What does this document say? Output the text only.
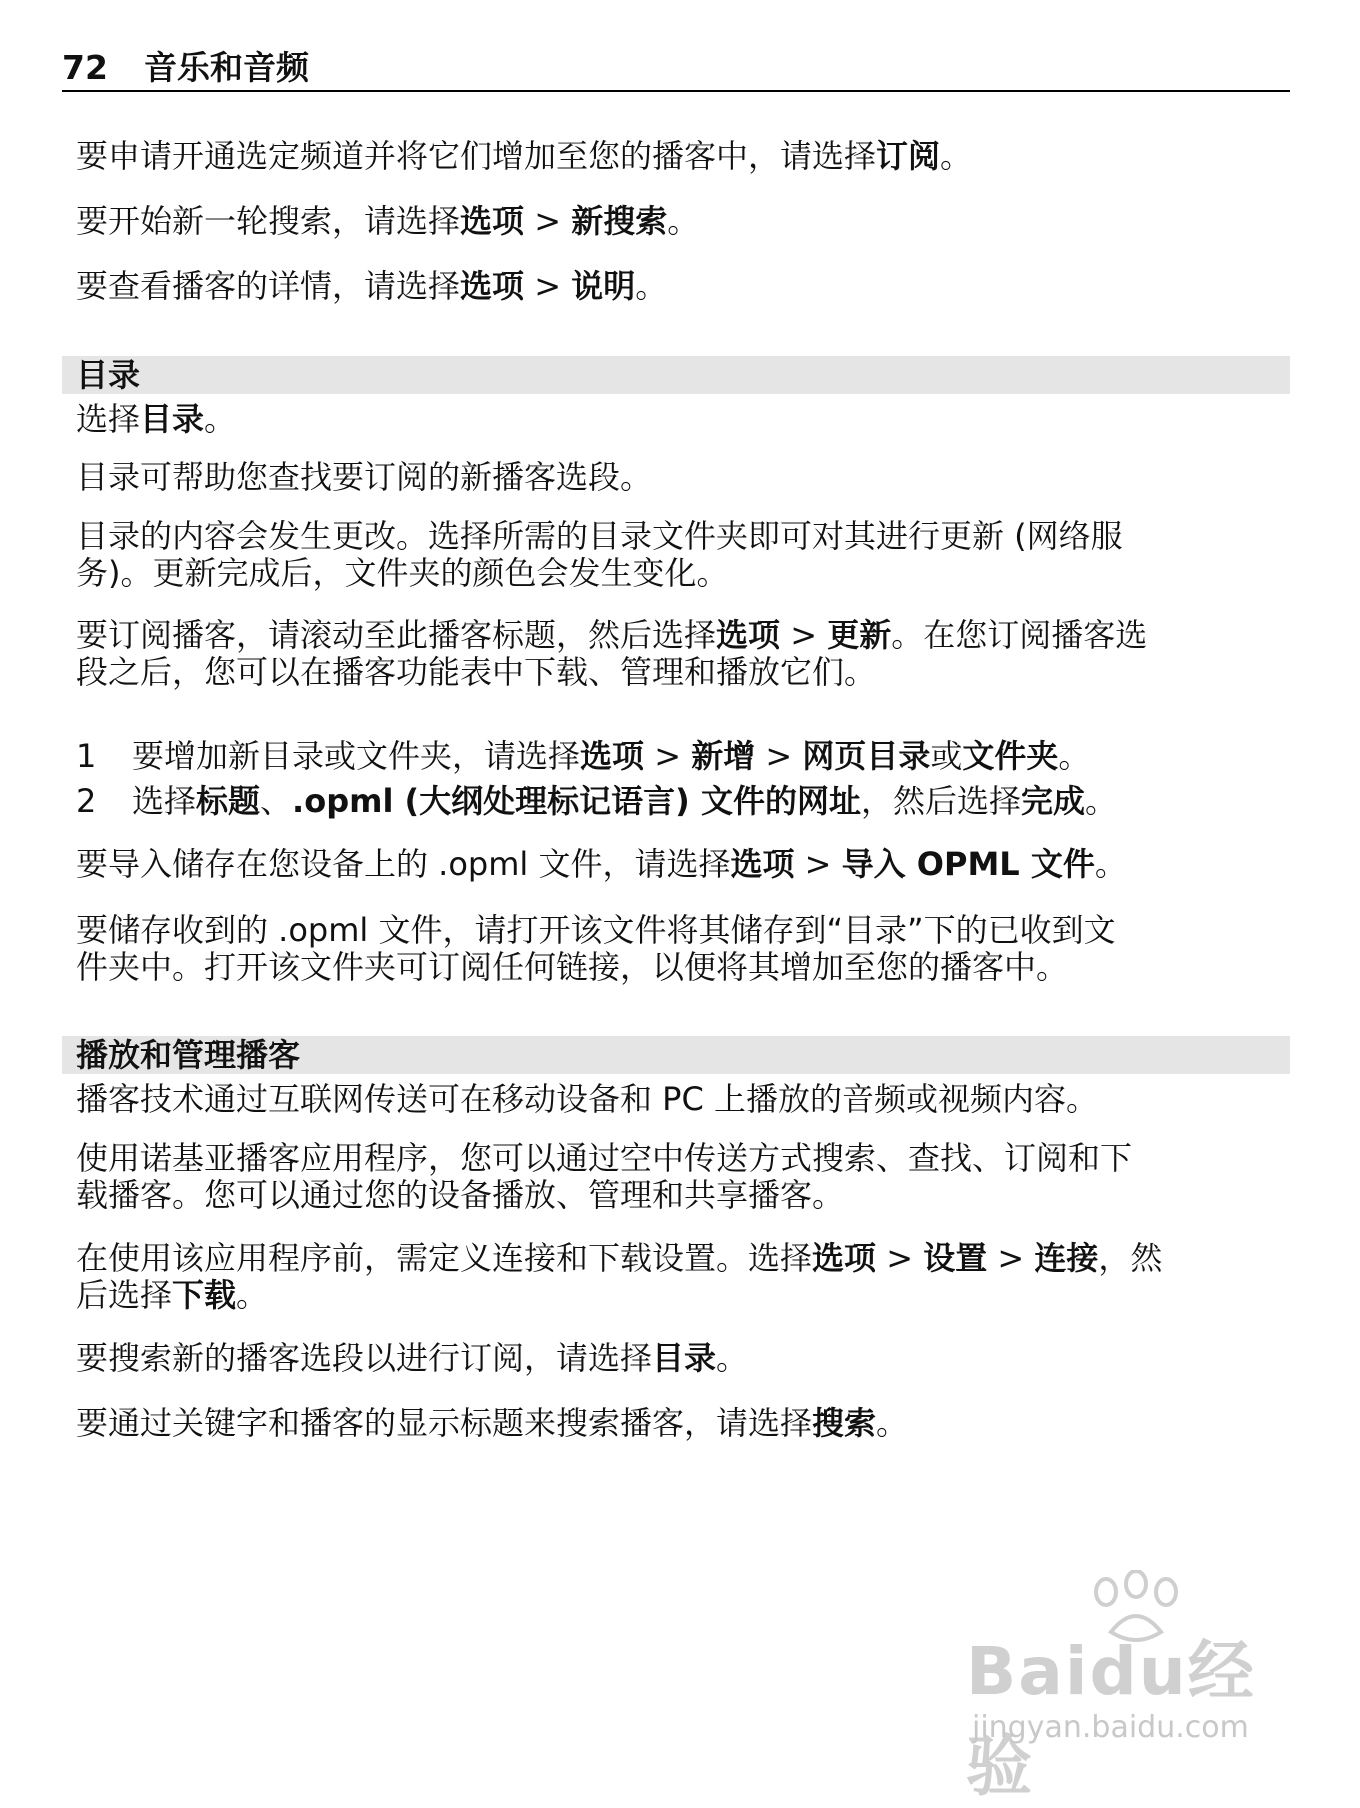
72 音乐和音频

要申请开通选定频道并将它们增加至您的播客中，请选择订阅。

要开始新一轮搜索，请选择选项 > 新搜索。

要查看播客的详情，请选择选项 > 说明。

选择目录。

目录可帮助您查找要订阅的新播客选段。

目录的内容会发生更改。选择所需的目录文件夹即可对其进行更新 (网络服

务)。更新完成后，文件夹的颜色会发生变化。

要订阅播客，请滚动至此播客标题，然后选择选项 > 更新。在您订阅播客选

段之后，您可以在播客功能表中下载、管理和播放它们。

1 要增加新目录或文件夹，请选择选项 > 新增 > 网页目录或文件夹。
2 选择标题、.opml (大纲处理标记语言) 文件的网址，然后选择完成。

要导入储存在您设备上的 .opml 文件，请选择选项 > 导入 OPML 文件。

要储存收到的 .opml 文件，请打开该文件将其储存到“目录”下的已收到文

件夹中。打开该文件夹可订阅任何链接，以便将其增加至您的播客中。

播客技术通过互联网传送可在移动设备和 PC 上播放的音频或视频内容。

使用诺基亚播客应用程序，您可以通过空中传送方式搜索、查找、订阅和下

载播客。您可以通过您的设备播放、管理和共享播客。

在使用该应用程序前，需定义连接和下载设置。选择选项 > 设置 > 连接，然

后选择下载。

要搜索新的播客选段以进行订阅，请选择目录。

要通过关键字和播客的显示标题来搜索播客，请选择搜索。

目录
播放和管理播客
Baidu经验
jingyan.baidu.com
